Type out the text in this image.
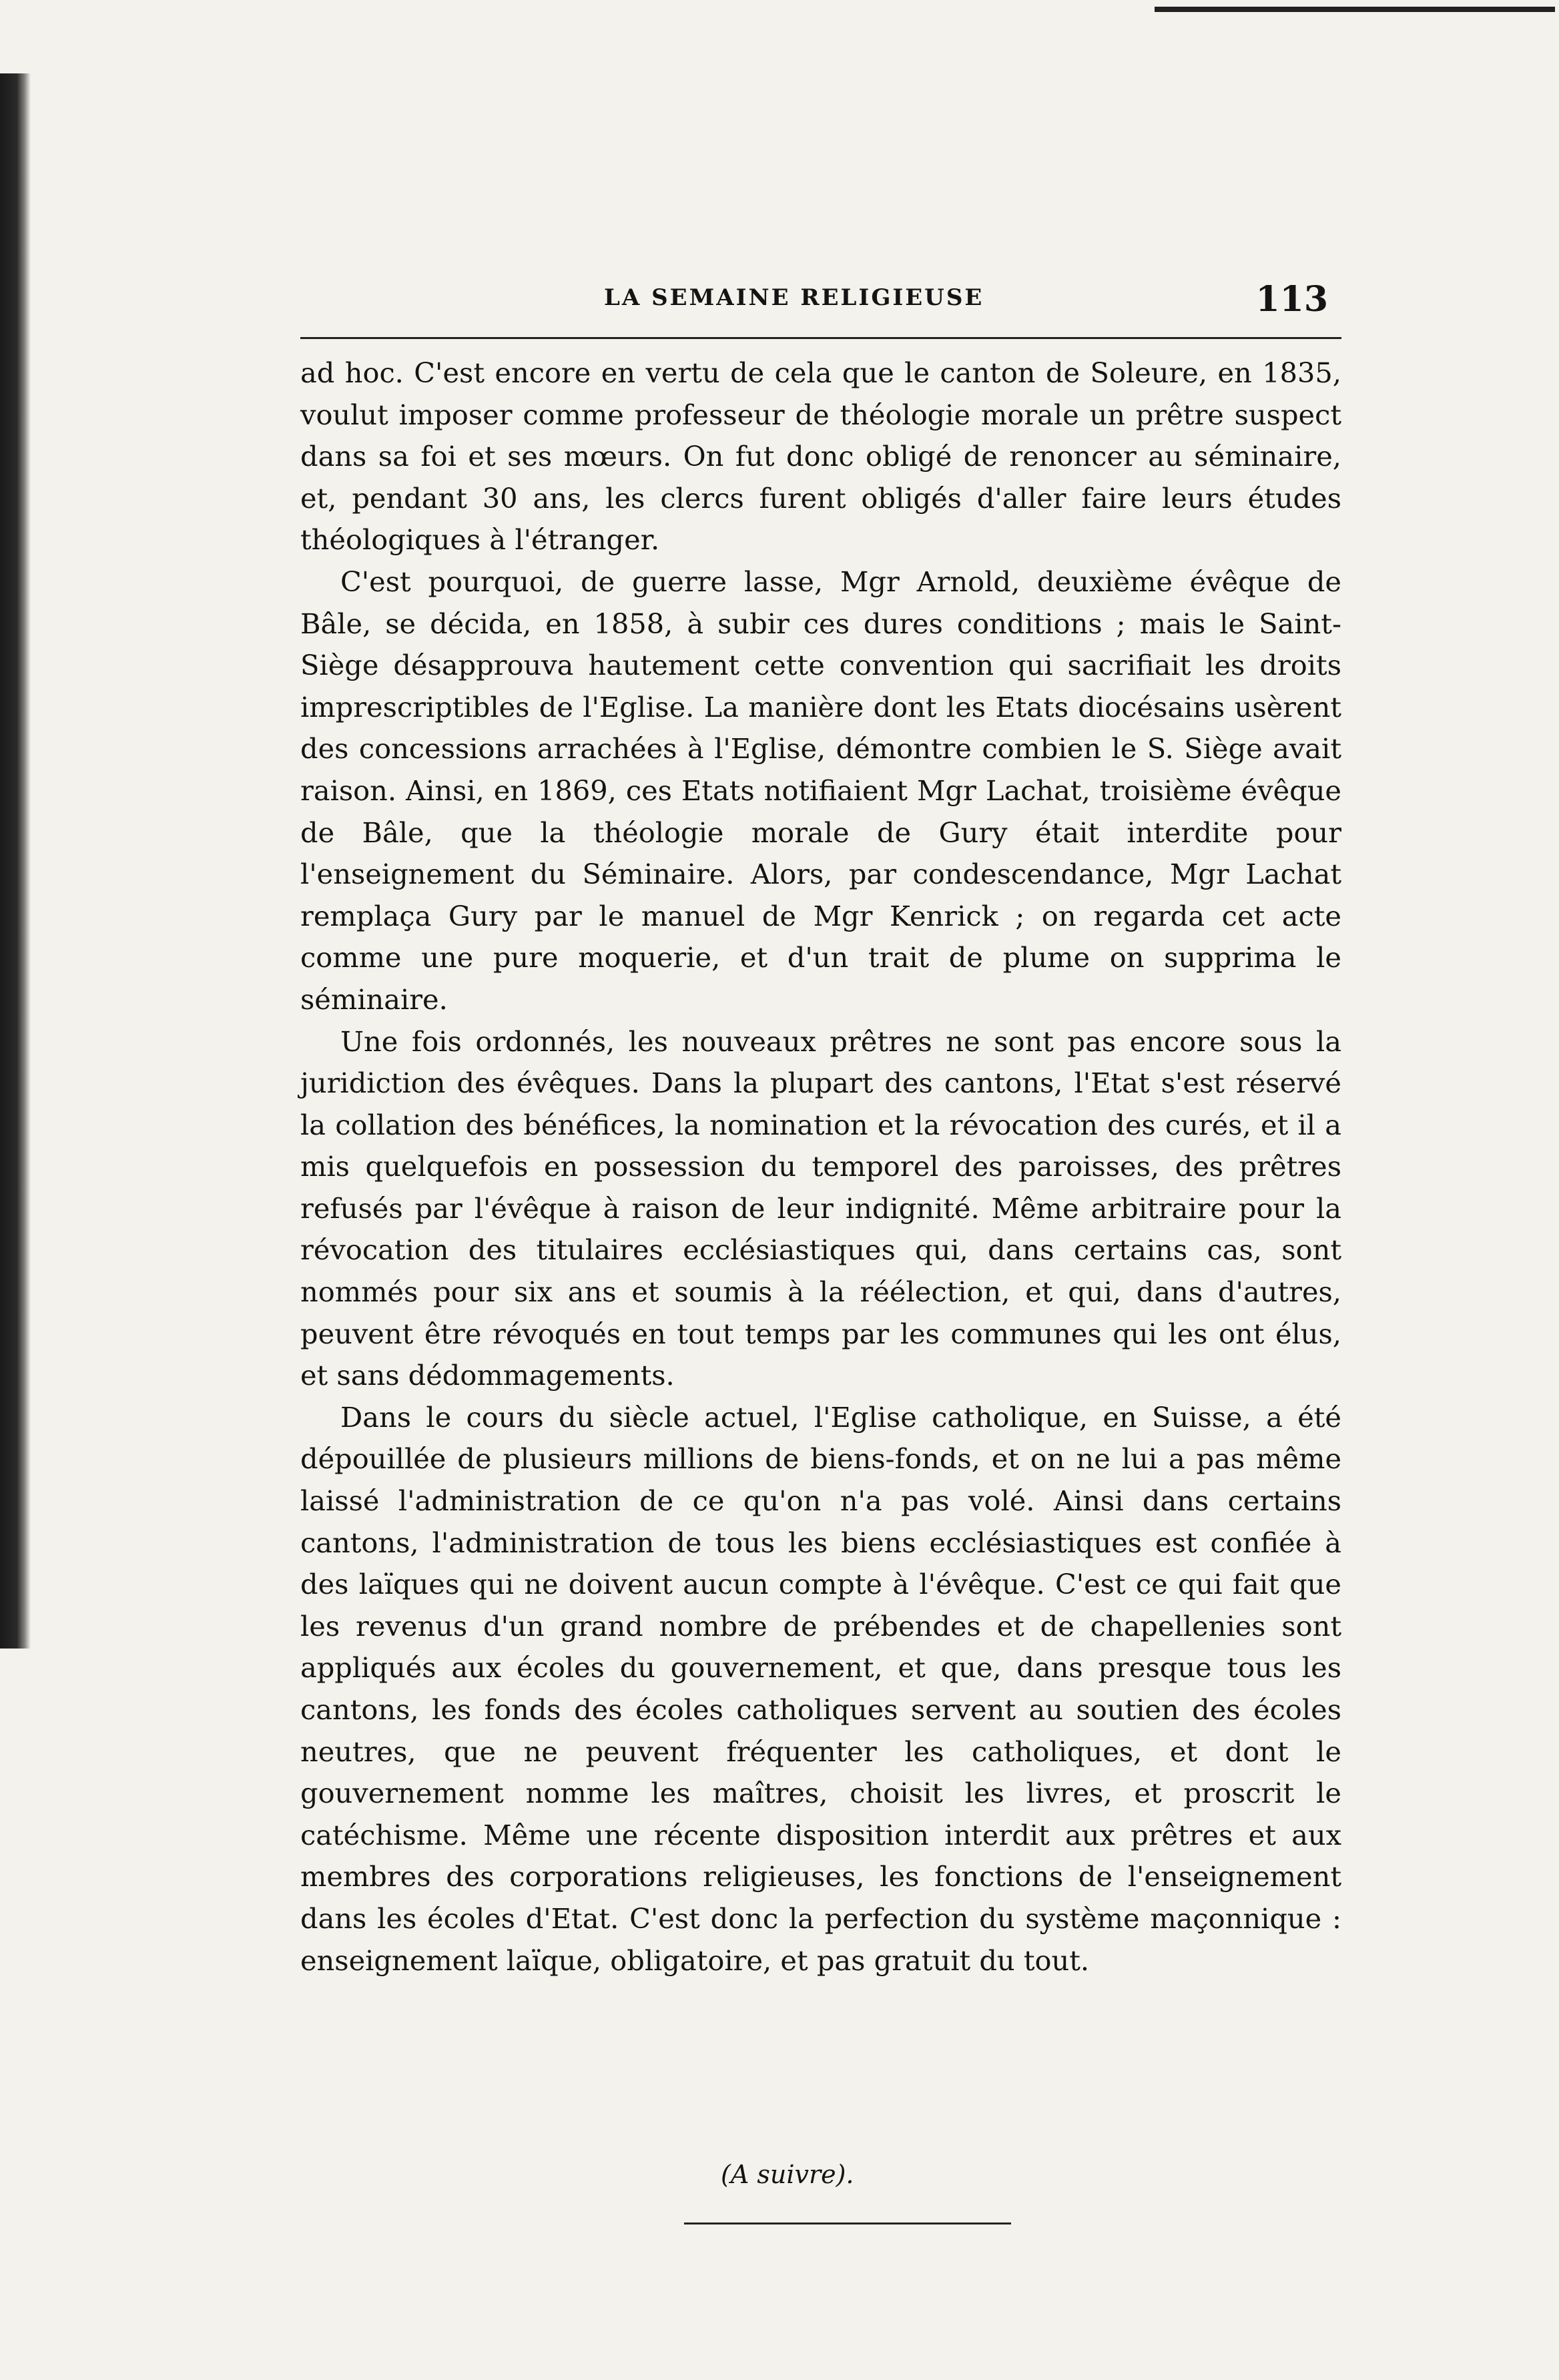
LA SEMAINE RELIGIEUSE	113

ad hoc. C'est encore en vertu de cela que le canton de Soleure, en 1835, voulut imposer comme professeur de théologie morale un prêtre suspect dans sa foi et ses mœurs. On fut donc obligé de renoncer au séminaire, et, pendant 30 ans, les clercs furent obligés d'aller faire leurs études théologiques à l'étranger.

C'est pourquoi, de guerre lasse, Mgr Arnold, deuxième évêque de Bâle, se décida, en 1858, à subir ces dures conditions ; mais le Saint-Siège désapprouva hautement cette convention qui sacrifiait les droits imprescriptibles de l'Eglise. La manière dont les Etats diocésains usèrent des concessions arrachées à l'Eglise, démontre combien le S. Siège avait raison. Ainsi, en 1869, ces Etats notifiaient Mgr Lachat, troisième évêque de Bâle, que la théologie morale de Gury était interdite pour l'enseignement du Séminaire. Alors, par condescendance, Mgr Lachat remplaça Gury par le manuel de Mgr Kenrick ; on regarda cet acte comme une pure moquerie, et d'un trait de plume on supprima le séminaire.

Une fois ordonnés, les nouveaux prêtres ne sont pas encore sous la juridiction des évêques. Dans la plupart des cantons, l'Etat s'est réservé la collation des bénéfices, la nomination et la révocation des curés, et il a mis quelquefois en possession du temporel des paroisses, des prêtres refusés par l'évêque à raison de leur indignité. Même arbitraire pour la révocation des titulaires ecclésiastiques qui, dans certains cas, sont nommés pour six ans et soumis à la réélection, et qui, dans d'autres, peuvent être révoqués en tout temps par les communes qui les ont élus, et sans dédommagements.

Dans le cours du siècle actuel, l'Eglise catholique, en Suisse, a été dépouillée de plusieurs millions de biens-fonds, et on ne lui a pas même laissé l'administration de ce qu'on n'a pas volé. Ainsi dans certains cantons, l'administration de tous les biens ecclésiastiques est confiée à des laïques qui ne doivent aucun compte à l'évêque. C'est ce qui fait que les revenus d'un grand nombre de prébendes et de chapellenies sont appliqués aux écoles du gouvernement, et que, dans presque tous les cantons, les fonds des écoles catholiques servent au soutien des écoles neutres, que ne peuvent fréquenter les catholiques, et dont le gouvernement nomme les maîtres, choisit les livres, et proscrit le catéchisme. Même une récente disposition interdit aux prêtres et aux membres des corporations religieuses, les fonctions de l'enseignement dans les écoles d'Etat. C'est donc la perfection du système maçonnique : enseignement laïque, obligatoire, et pas gratuit du tout.

(A suivre).
